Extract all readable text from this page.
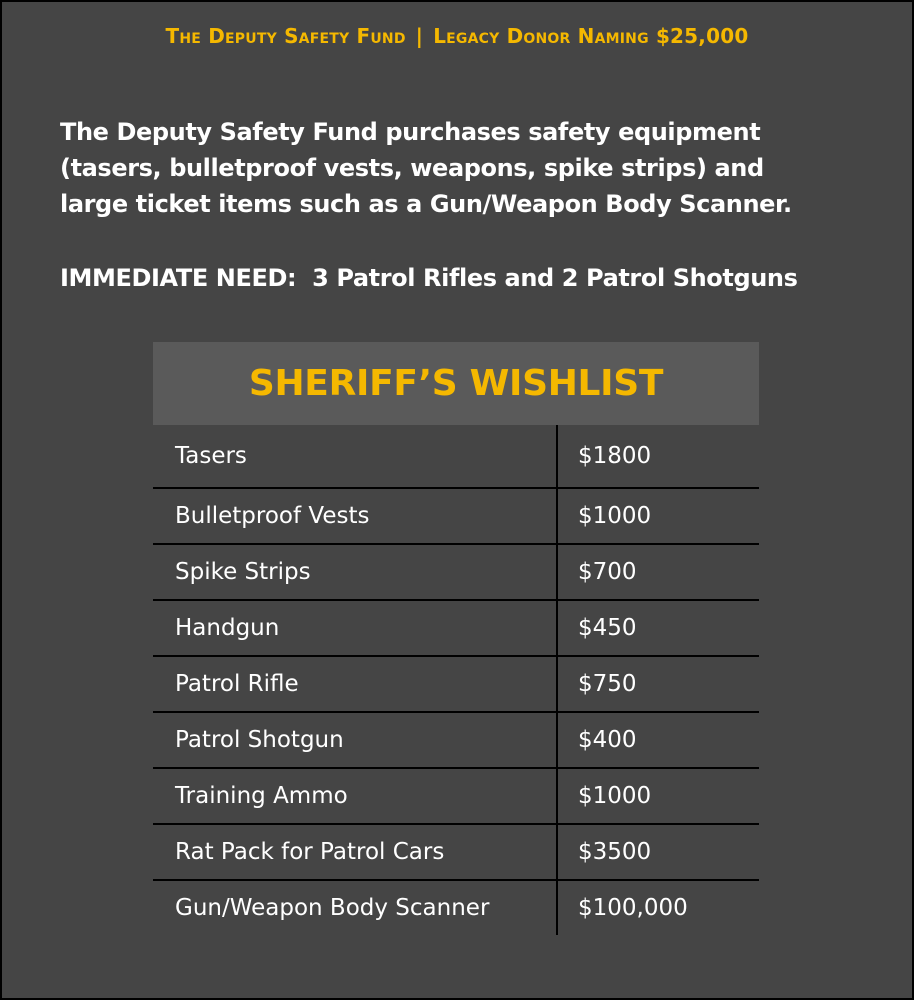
The Deputy Safety Fund | Legacy Donor Naming $25,000
The Deputy Safety Fund purchases safety equipment
(tasers, bulletproof vests, weapons, spike strips) and
large ticket items such as a Gun/Weapon Body Scanner.
IMMEDIATE NEED:  3 Patrol Rifles and 2 Patrol Shotguns
SHERIFF’S WISHLIST
Tasers	$1800
Bulletproof Vests	$1000
Spike Strips	$700
Handgun	$450
Patrol Rifle	$750
Patrol Shotgun	$400
Training Ammo	$1000
Rat Pack for Patrol Cars	$3500
Gun/Weapon Body Scanner	$100,000
